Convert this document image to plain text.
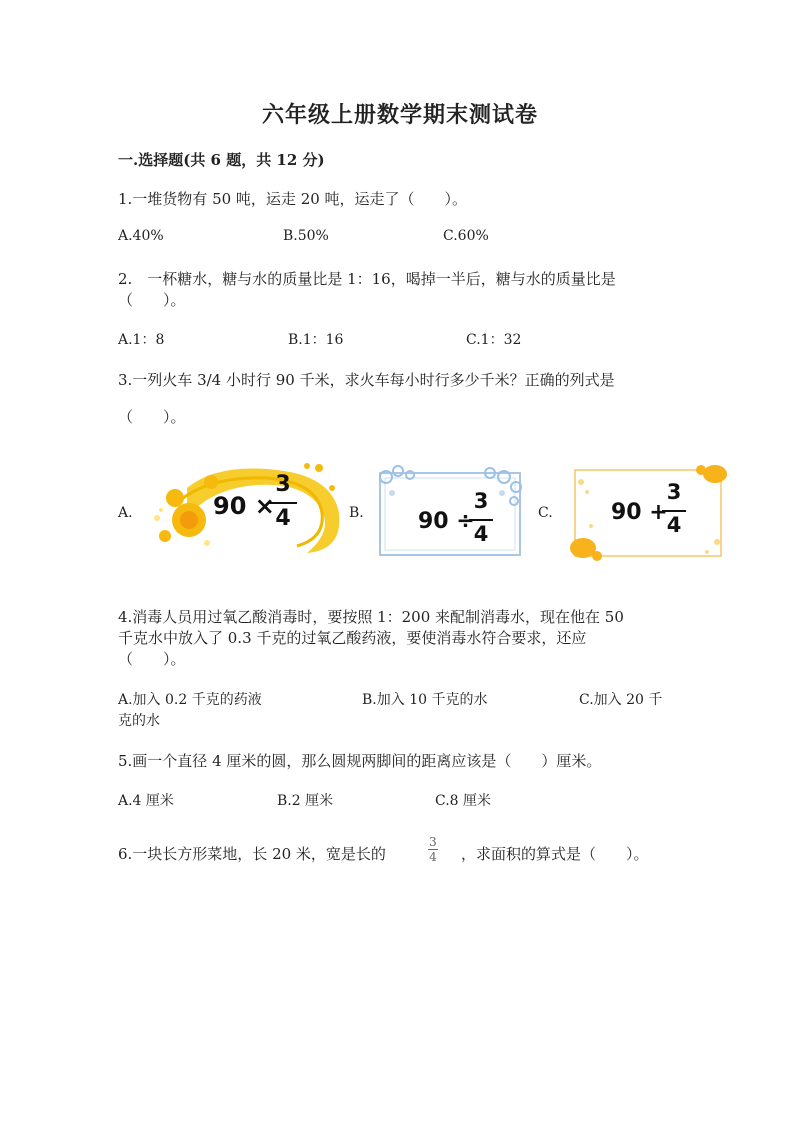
六年级上册数学期末测试卷
一.选择题(共 6 题，共 12 分)
1.一堆货物有 50 吨，运走 20 吨，运走了（　　）。
A.40%	B.50%	C.60%
2.　一杯糖水，糖与水的质量比是 1：16，喝掉一半后，糖与水的质量比是
（　　）。
A.1：8	B.1：16	C.1：32
3.一列火车 3/4 小时行 90 千米，求火车每小时行多少千米？正确的列式是
（　　）。
A.	90 ×
3
4	B. 90 ÷
3
4
C.	90 +
3
4
4.消毒人员用过氧乙酸消毒时，要按照 1：200 来配制消毒水，现在他在 50
千克水中放入了 0.3 千克的过氧乙酸药液，要使消毒水符合要求，还应
（　　）。
A.加入 0.2 千克的药液	B.加入 10 千克的水	C.加入 20 千
克的水
5.画一个直径 4 厘米的圆，那么圆规两脚间的距离应该是（　　）厘米。
A.4 厘米	B.2 厘米	C.8 厘米
6.一块长方形菜地，长 20 米，宽是长的
3
4 ，求面积的算式是（　　）。
